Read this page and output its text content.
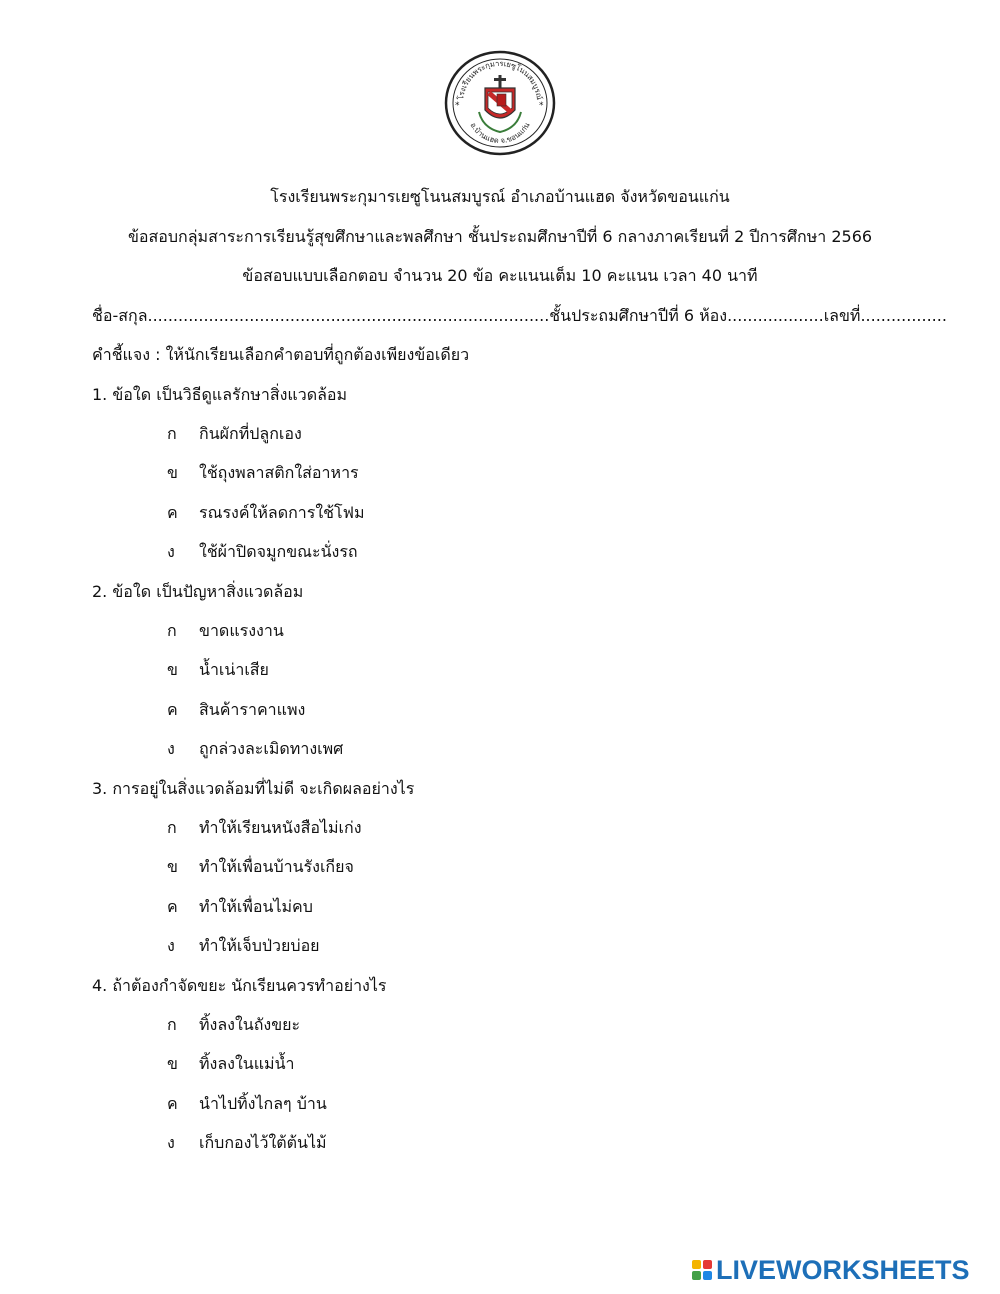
โรงเรียนพระกุมารเยซูโนนสมบูรณ์
อ.บ้านแฮด จ.ขอนแก่น
*	*
โรงเรียนพระกุมารเยซูโนนสมบูรณ์ อำเภอบ้านแฮด จังหวัดขอนแก่น
ข้อสอบกลุ่มสาระการเรียนรู้สุขศึกษาและพลศึกษา ชั้นประถมศึกษาปีที่ 6 กลางภาคเรียนที่ 2 ปีการศึกษา 2566
ข้อสอบแบบเลือกตอบ จำนวน 20 ข้อ คะแนนเต็ม 10 คะแนน เวลา 40 นาที
ชื่อ-สกุล...............................................................................ชั้นประถมศึกษาปีที่ 6 ห้อง...................เลขที่.................
คำชี้แจง : ให้นักเรียนเลือกคำตอบที่ถูกต้องเพียงข้อเดียว
1. ข้อใด เป็นวิธีดูแลรักษาสิ่งแวดล้อม
ก	กินผักที่ปลูกเอง
ข	ใช้ถุงพลาสติกใส่อาหาร
ค	รณรงค์ให้ลดการใช้โฟม
ง	ใช้ผ้าปิดจมูกขณะนั่งรถ
2. ข้อใด เป็นปัญหาสิ่งแวดล้อม
ก	ขาดแรงงาน
ข	น้ำเน่าเสีย
ค	สินค้าราคาแพง
ง	ถูกล่วงละเมิดทางเพศ
3. การอยู่ในสิ่งแวดล้อมที่ไม่ดี จะเกิดผลอย่างไร
ก	ทำให้เรียนหนังสือไม่เก่ง
ข	ทำให้เพื่อนบ้านรังเกียจ
ค	ทำให้เพื่อนไม่คบ
ง	ทำให้เจ็บป่วยบ่อย
4. ถ้าต้องกำจัดขยะ นักเรียนควรทำอย่างไร
ก	ทิ้งลงในถังขยะ
ข	ทิ้งลงในแม่น้ำ
ค	นำไปทิ้งไกลๆ บ้าน
ง	เก็บกองไว้ใต้ต้นไม้
LIVEWORKSHEETS
